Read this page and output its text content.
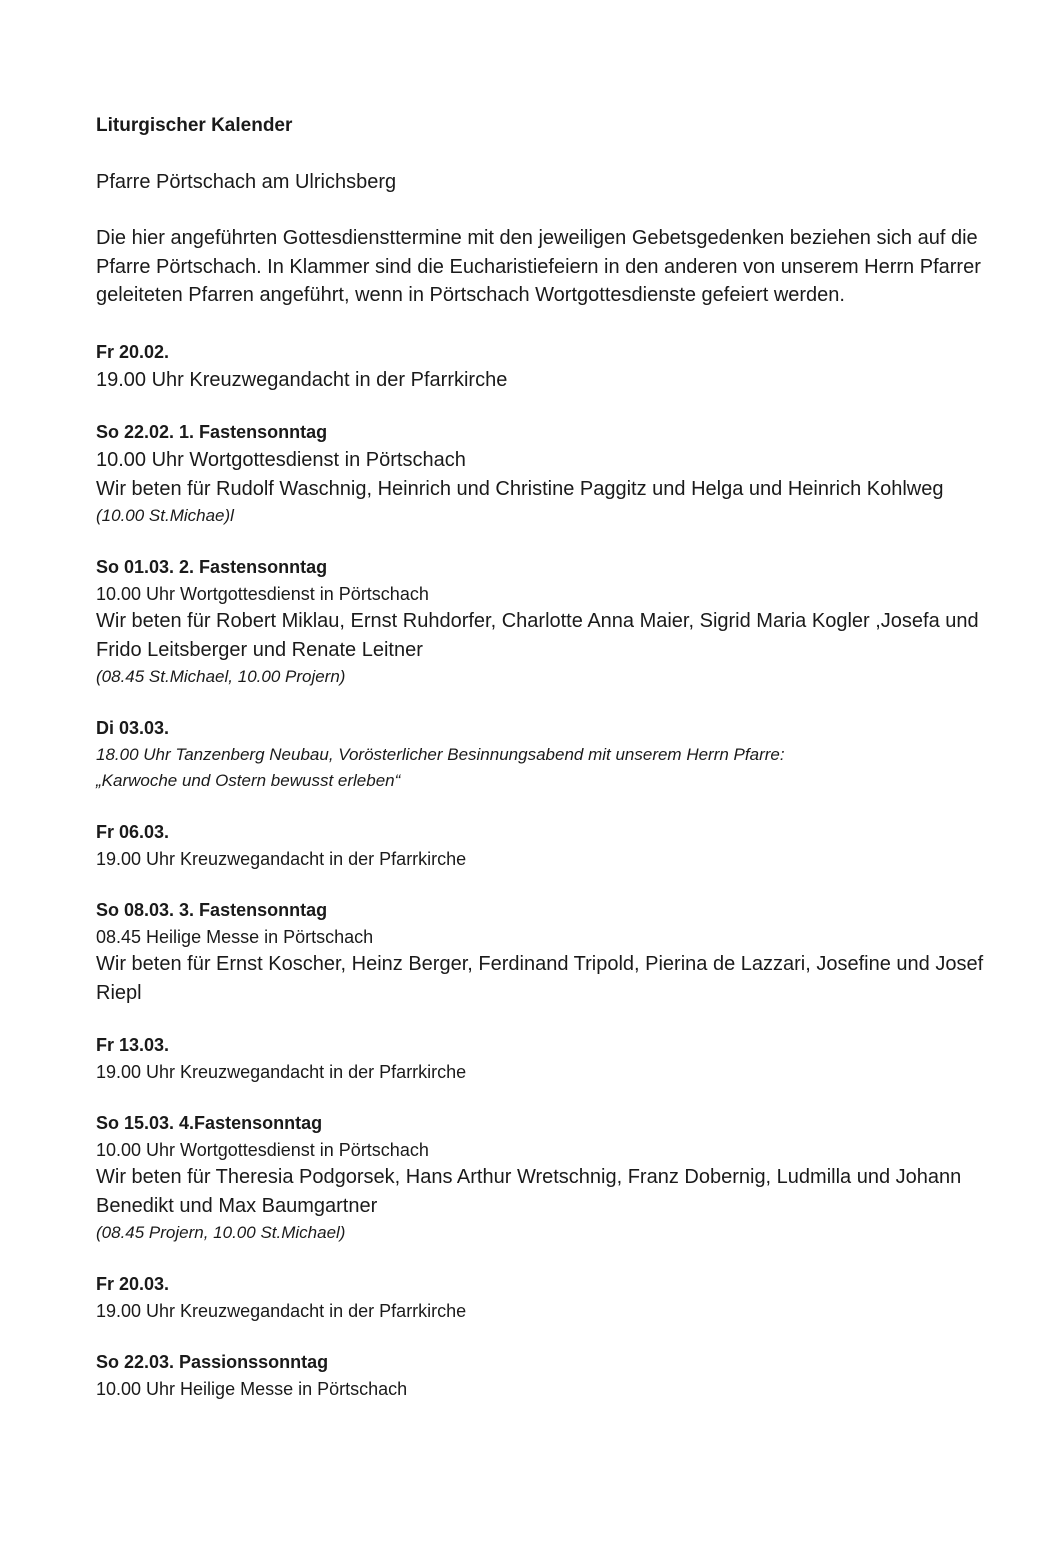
Liturgischer Kalender
Pfarre Pörtschach am Ulrichsberg
Die hier angeführten Gottesdiensttermine mit den jeweiligen Gebetsgedenken beziehen sich auf die Pfarre Pörtschach. In Klammer sind die Eucharistiefeiern in den anderen von unserem Herrn Pfarrer geleiteten Pfarren angeführt, wenn in Pörtschach Wortgottesdienste gefeiert werden.
Fr 20.02.
19.00 Uhr Kreuzwegandacht in der Pfarrkirche
So 22.02. 1. Fastensonntag
10.00 Uhr Wortgottesdienst in Pörtschach
Wir beten für Rudolf Waschnig, Heinrich und Christine Paggitz und Helga und Heinrich Kohlweg
(10.00 St.Michae)l
So 01.03. 2. Fastensonntag
10.00 Uhr Wortgottesdienst in Pörtschach
Wir beten für Robert Miklau, Ernst Ruhdorfer, Charlotte Anna Maier, Sigrid Maria Kogler ,Josefa und Frido Leitsberger und Renate Leitner
(08.45 St.Michael, 10.00 Projern)
Di 03.03.
18.00 Uhr Tanzenberg Neubau, Vorösterlicher Besinnungsabend mit unserem Herrn Pfarre:
„Karwoche und Ostern bewusst erleben“
Fr 06.03.
19.00 Uhr Kreuzwegandacht in der Pfarrkirche
So 08.03. 3. Fastensonntag
08.45 Heilige Messe in Pörtschach
Wir beten für Ernst Koscher, Heinz Berger, Ferdinand Tripold, Pierina de Lazzari, Josefine und Josef Riepl
Fr 13.03.
19.00 Uhr Kreuzwegandacht in der Pfarrkirche
So 15.03. 4.Fastensonntag
10.00 Uhr Wortgottesdienst in Pörtschach
Wir beten für Theresia Podgorsek, Hans Arthur Wretschnig, Franz Dobernig, Ludmilla und Johann Benedikt und Max Baumgartner
(08.45 Projern, 10.00 St.Michael)
Fr 20.03.
19.00 Uhr Kreuzwegandacht in der Pfarrkirche
So 22.03. Passionssonntag
10.00 Uhr Heilige Messe in Pörtschach
